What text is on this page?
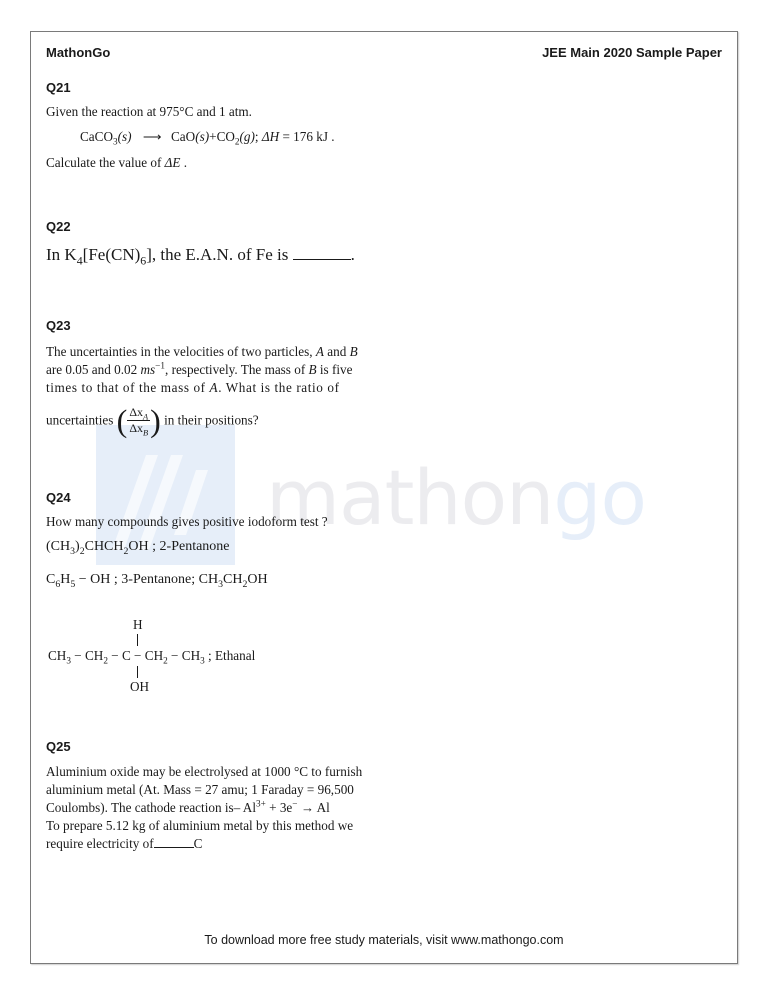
mathongo
MathonGo	JEE Main 2020 Sample Paper
Q21
Given the reaction at 975°C and 1 atm.
CaCO$_3$(s) ⟶ $CaO(s)+CO_2(g)$; ΔH = 176 kJ .
Calculate the value of ΔE .
Q22
In $K_4[Fe(CN)_6]$, the E.A.N. of Fe is	.
Q23
The uncertainties in the velocities of two particles, A and B
are 0.05 and 0.02 $ms^{-1}$, respectively. The mass of B is five
times to that of the mass of A. What is the ratio of
uncertainties ( $\frac{\Delta x_A}{\Delta x_B}$ ) in their positions?
Q24
How many compounds gives positive iodoform test ?
$(CH_3)_2CHCH_2OH$ ; 2-Pentanone
$C_6H_5$ − OH ; 3-Pentanone; $CH_3CH_2OH$
H
$CH_3 - CH_2 - C - CH_2 - CH_3$ ; Ethanal
OH
Q25
Aluminium oxide may be electrolysed at 1000 °C to furnish
aluminium metal (At. Mass = 27 amu; 1 Faraday = 96,500
Coulombs). The cathode reaction is– $Al^{3+} + 3e^- \to Al$
To prepare 5.12 kg of aluminium metal by this method we
require electricity of	C
To download more free study materials, visit www.mathongo.com
